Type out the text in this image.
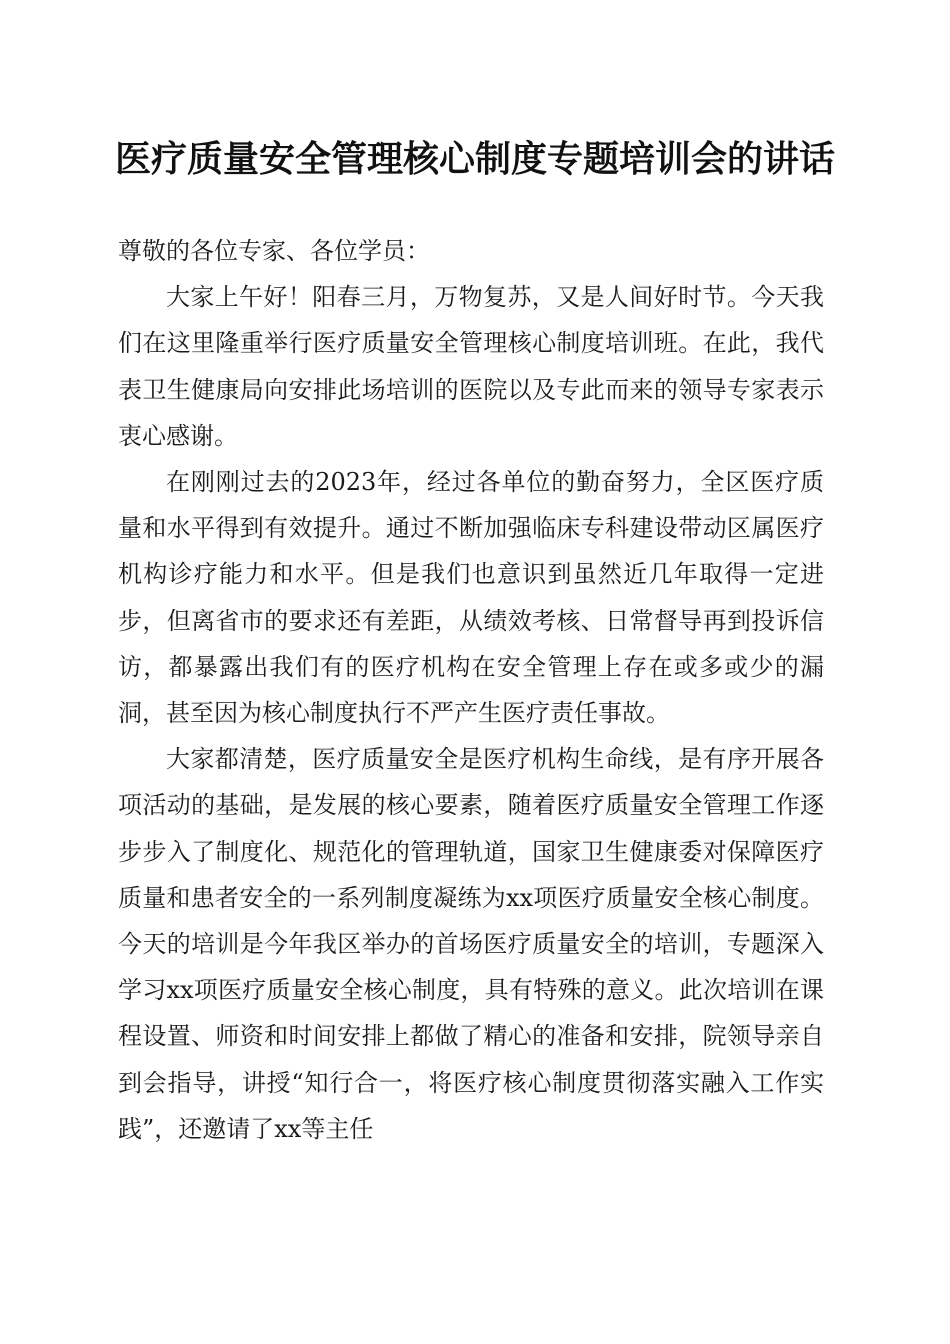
医疗质量安全管理核心制度专题培训会的讲话

尊敬的各位专家、各位学员：

大家上午好！阳春三月，万物复苏，又是人间好时节。今天我们在这里隆重举行医疗质量安全管理核心制度培训班。在此，我代表卫生健康局向安排此场培训的医院以及专此而来的领导专家表示衷心感谢。

在刚刚过去的2023年，经过各单位的勤奋努力，全区医疗质量和水平得到有效提升。通过不断加强临床专科建设带动区属医疗机构诊疗能力和水平。但是我们也意识到虽然近几年取得一定进步，但离省市的要求还有差距，从绩效考核、日常督导再到投诉信访，都暴露出我们有的医疗机构在安全管理上存在或多或少的漏洞，甚至因为核心制度执行不严产生医疗责任事故。

大家都清楚，医疗质量安全是医疗机构生命线，是有序开展各项活动的基础，是发展的核心要素，随着医疗质量安全管理工作逐步步入了制度化、规范化的管理轨道，国家卫生健康委对保障医疗质量和患者安全的一系列制度凝练为xx项医疗质量安全核心制度。今天的培训是今年我区举办的首场医疗质量安全的培训，专题深入学习xx项医疗质量安全核心制度，具有特殊的意义。此次培训在课程设置、师资和时间安排上都做了精心的准备和安排，院领导亲自到会指导，讲授“知行合一，将医疗核心制度贯彻落实融入工作实践”，还邀请了xx等主任
